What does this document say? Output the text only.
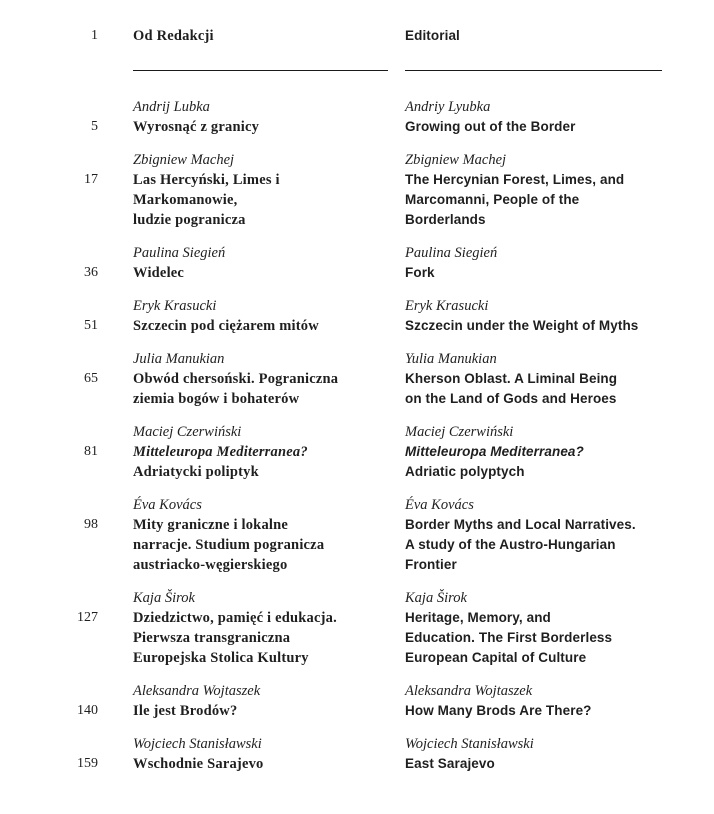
1 Od Redakcji	Editorial
5
Andrij Lubka
Wyrosnąć z granicy
Andriy Lyubka
Growing out of the Border
17
Zbigniew Machej
Las Hercyński, Limes i Markomanowie,
ludzie pogranicza
Zbigniew Machej
The Hercynian Forest, Limes, and
Marcomanni, People of the Borderlands
36
Paulina Siegień
Widelec
Paulina Siegień
Fork
51
Eryk Krasucki
Szczecin pod ciężarem mitów
Eryk Krasucki
Szczecin under the Weight of Myths
65
Julia Manukian
Obwód chersoński. Pograniczna
ziemia bogów i bohaterów
Yulia Manukian
Kherson Oblast. A Liminal Being
on the Land of Gods and Heroes
81
Maciej Czerwiński
Mitteleuropa Mediterranea?
Adriatycki poliptyk
Maciej Czerwiński
Mitteleuropa Mediterranea?
Adriatic polyptych
98
Éva Kovács
Mity graniczne i lokalne
narracje. Studium pogranicza
austriacko-węgierskiego
Éva Kovács
Border Myths and Local Narratives.
A study of the Austro-Hungarian
Frontier
127
Kaja Širok
Dziedzictwo, pamięć i edukacja.
Pierwsza transgraniczna
Europejska Stolica Kultury
Kaja Širok
Heritage, Memory, and
Education. The First Borderless
European Capital of Culture
140
Aleksandra Wojtaszek
Ile jest Brodów?
Aleksandra Wojtaszek
How Many Brods Are There?
159
Wojciech Stanisławski
Wschodnie Sarajevo
Wojciech Stanisławski
East Sarajevo
